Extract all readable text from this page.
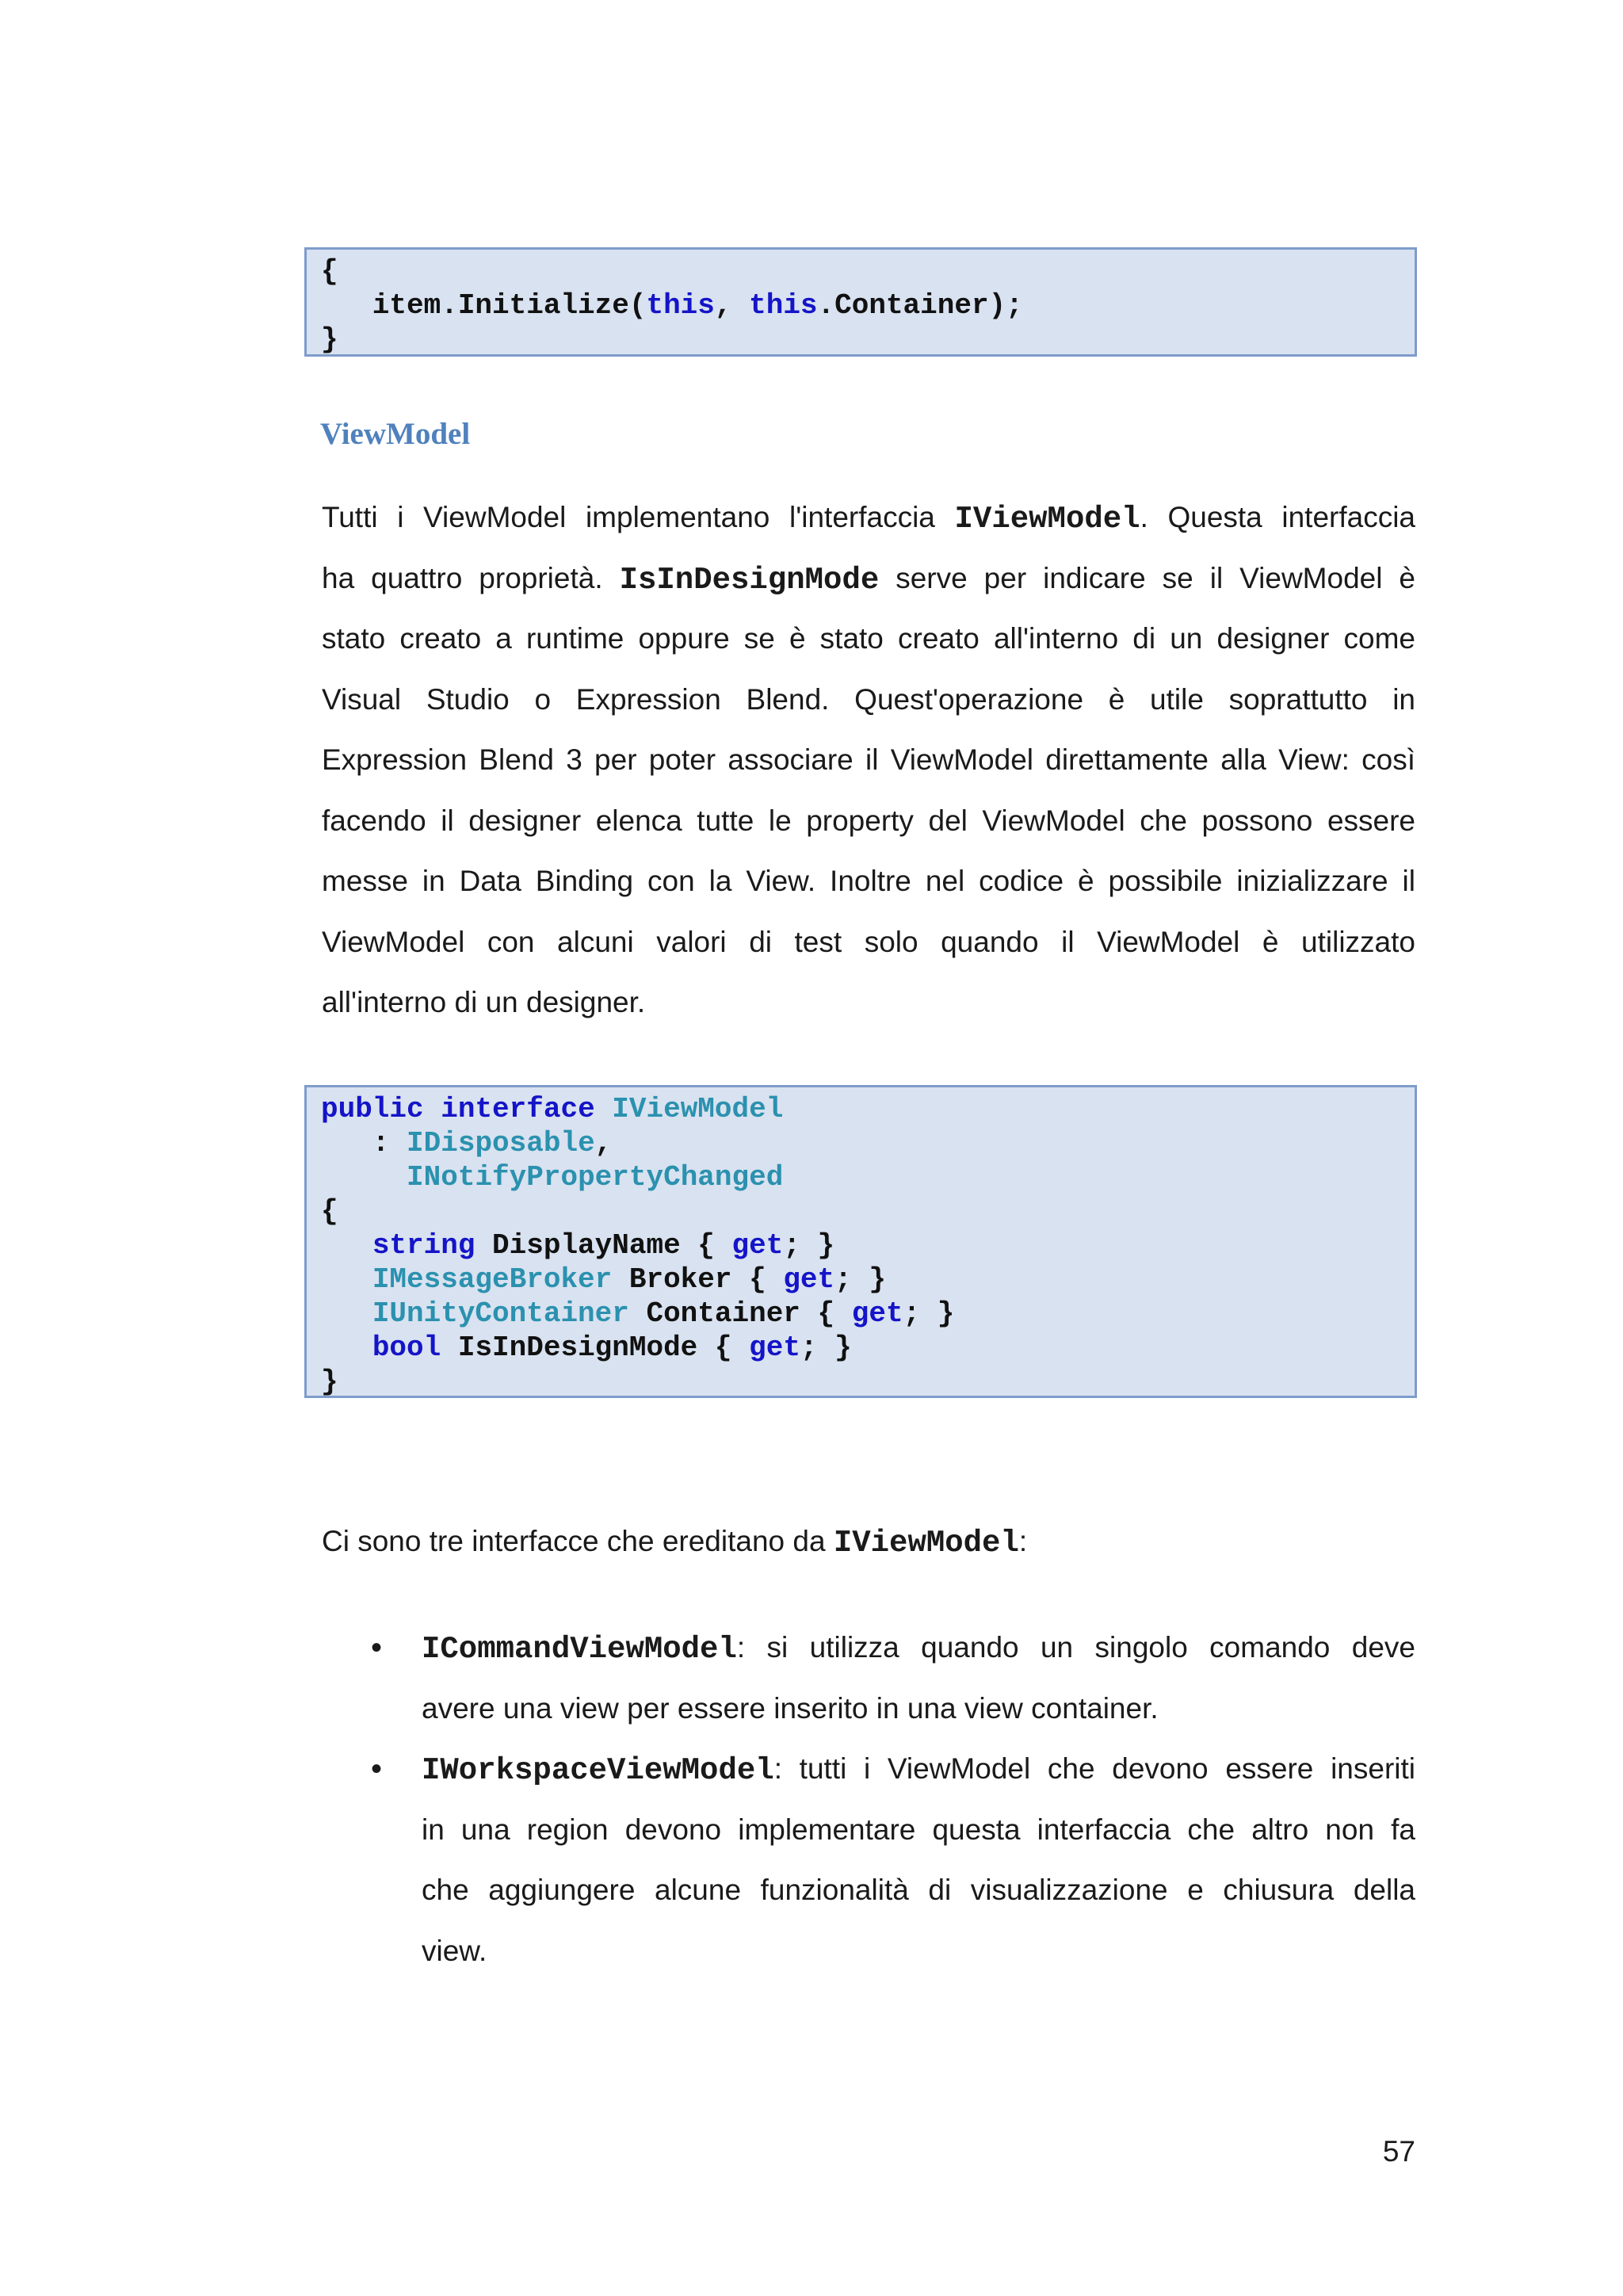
{
item.Initialize(this, this.Container);
}
ViewModel
Tutti i ViewModel implementano l'interfaccia IViewModel. Questa interfaccia
ha quattro proprietà. IsInDesignMode serve per indicare se il ViewModel è
stato creato a runtime oppure se è stato creato all'interno di un designer come
Visual Studio o Expression Blend. Quest'operazione è utile soprattutto in
Expression Blend 3 per poter associare il ViewModel direttamente alla View: così
facendo il designer elenca tutte le property del ViewModel che possono essere
messe in Data Binding con la View. Inoltre nel codice è possibile inizializzare il
ViewModel con alcuni valori di test solo quando il ViewModel è utilizzato
all'interno di un designer.
public interface IViewModel
: IDisposable,
INotifyPropertyChanged
{
string DisplayName { get; }
IMessageBroker Broker { get; }
IUnityContainer Container { get; }
bool IsInDesignMode { get; }
}
Ci sono tre interfacce che ereditano da IViewModel:
• ICommandViewModel: si utilizza quando un singolo comando deve
avere una view per essere inserito in una view container.
• IWorkspaceViewModel: tutti i ViewModel che devono essere inseriti
in una region devono implementare questa interfaccia che altro non fa
che aggiungere alcune funzionalità di visualizzazione e chiusura della
view.
57
